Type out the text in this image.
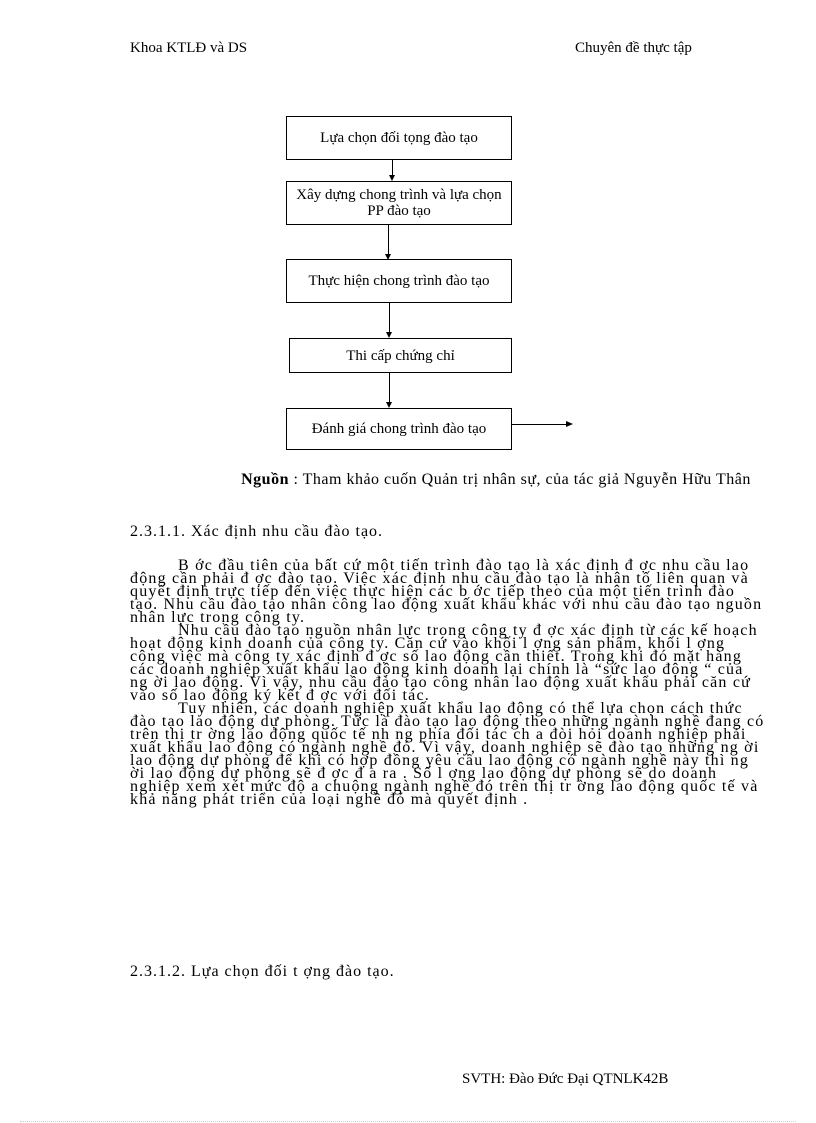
Khoa KTLĐ và DS	Chuyên đề thực tập
Lựa chọn đối tọng đào tạo
Xây dựng chong trình và lựa chọn PP đào tạo
Thực hiện chong trình đào tạo
Thi cấp chứng chỉ
Đánh giá chong trình đào tạo
Nguồn : Tham khảo cuốn Quản trị nhân sự, của tác giả Nguyễn Hữu Thân
2.3.1.1. Xác định nhu cầu đào tạo.

B ớc đầu tiên của bất cứ một tiến trình đào tạo là xác định đ ợc nhu cầu lao động cần phải đ ợc đào tạo. Việc xác định nhu cầu đào tạo là nhân tố liên quan và quyết định trực tiếp đến việc thực hiện các b ớc tiếp theo của một tiến trình đào tạo. Nhu cầu đào tạo nhân công lao động xuất khẩu khác với nhu cầu đào tạo nguồn nhân lực trong công ty.

Nhu cầu đào tạo nguồn nhân lực trong công ty đ ợc xác định từ các kế hoạch hoạt động kinh doanh của công ty. Căn cứ vào khối l ợng sản phẩm, khối l ợng công việc mà công ty xác định đ ợc số lao động cần thiết. Trong khi đó mặt hàng các doanh nghiệp xuất khẩu lao động kinh doanh lại chính là “sức lao động “ của ng ời lao động. Vì vậy, nhu cầu đào tạo công nhân lao động xuất khẩu phải căn cứ vào số lao động ký kết đ ợc với đối tác.

Tuy nhiên, các doanh nghiệp xuất khẩu lao động có thể lựa chọn cách thức đào tạo lao động dự phòng. Tức là đào tạo lao động theo những ngành nghề đang có trên thị tr ờng lao động quốc tế nh ng phía đối tác ch a đòi hỏi doanh nghiệp phải xuất khẩu lao động có ngành nghề đó. Vì vậy, doanh nghiệp sẽ đào tạo những ng ời lao động dự phòng để khi có hợp đồng yêu cầu lao động có ngành nghề này thì ng ời lao động dự phòng sẽ đ ợc đ a ra . Số l ợng lao động dự phòng sẽ do doanh nghiệp xem xét mức độ a chuộng ngành nghề đó trên thị tr ờng lao động quốc tế và khả năng phát triển của loại nghề đó mà quyết định .

2.3.1.2. Lựa chọn đối t ợng đào tạo.
SVTH: Đào Đức Đại QTNLK42B
